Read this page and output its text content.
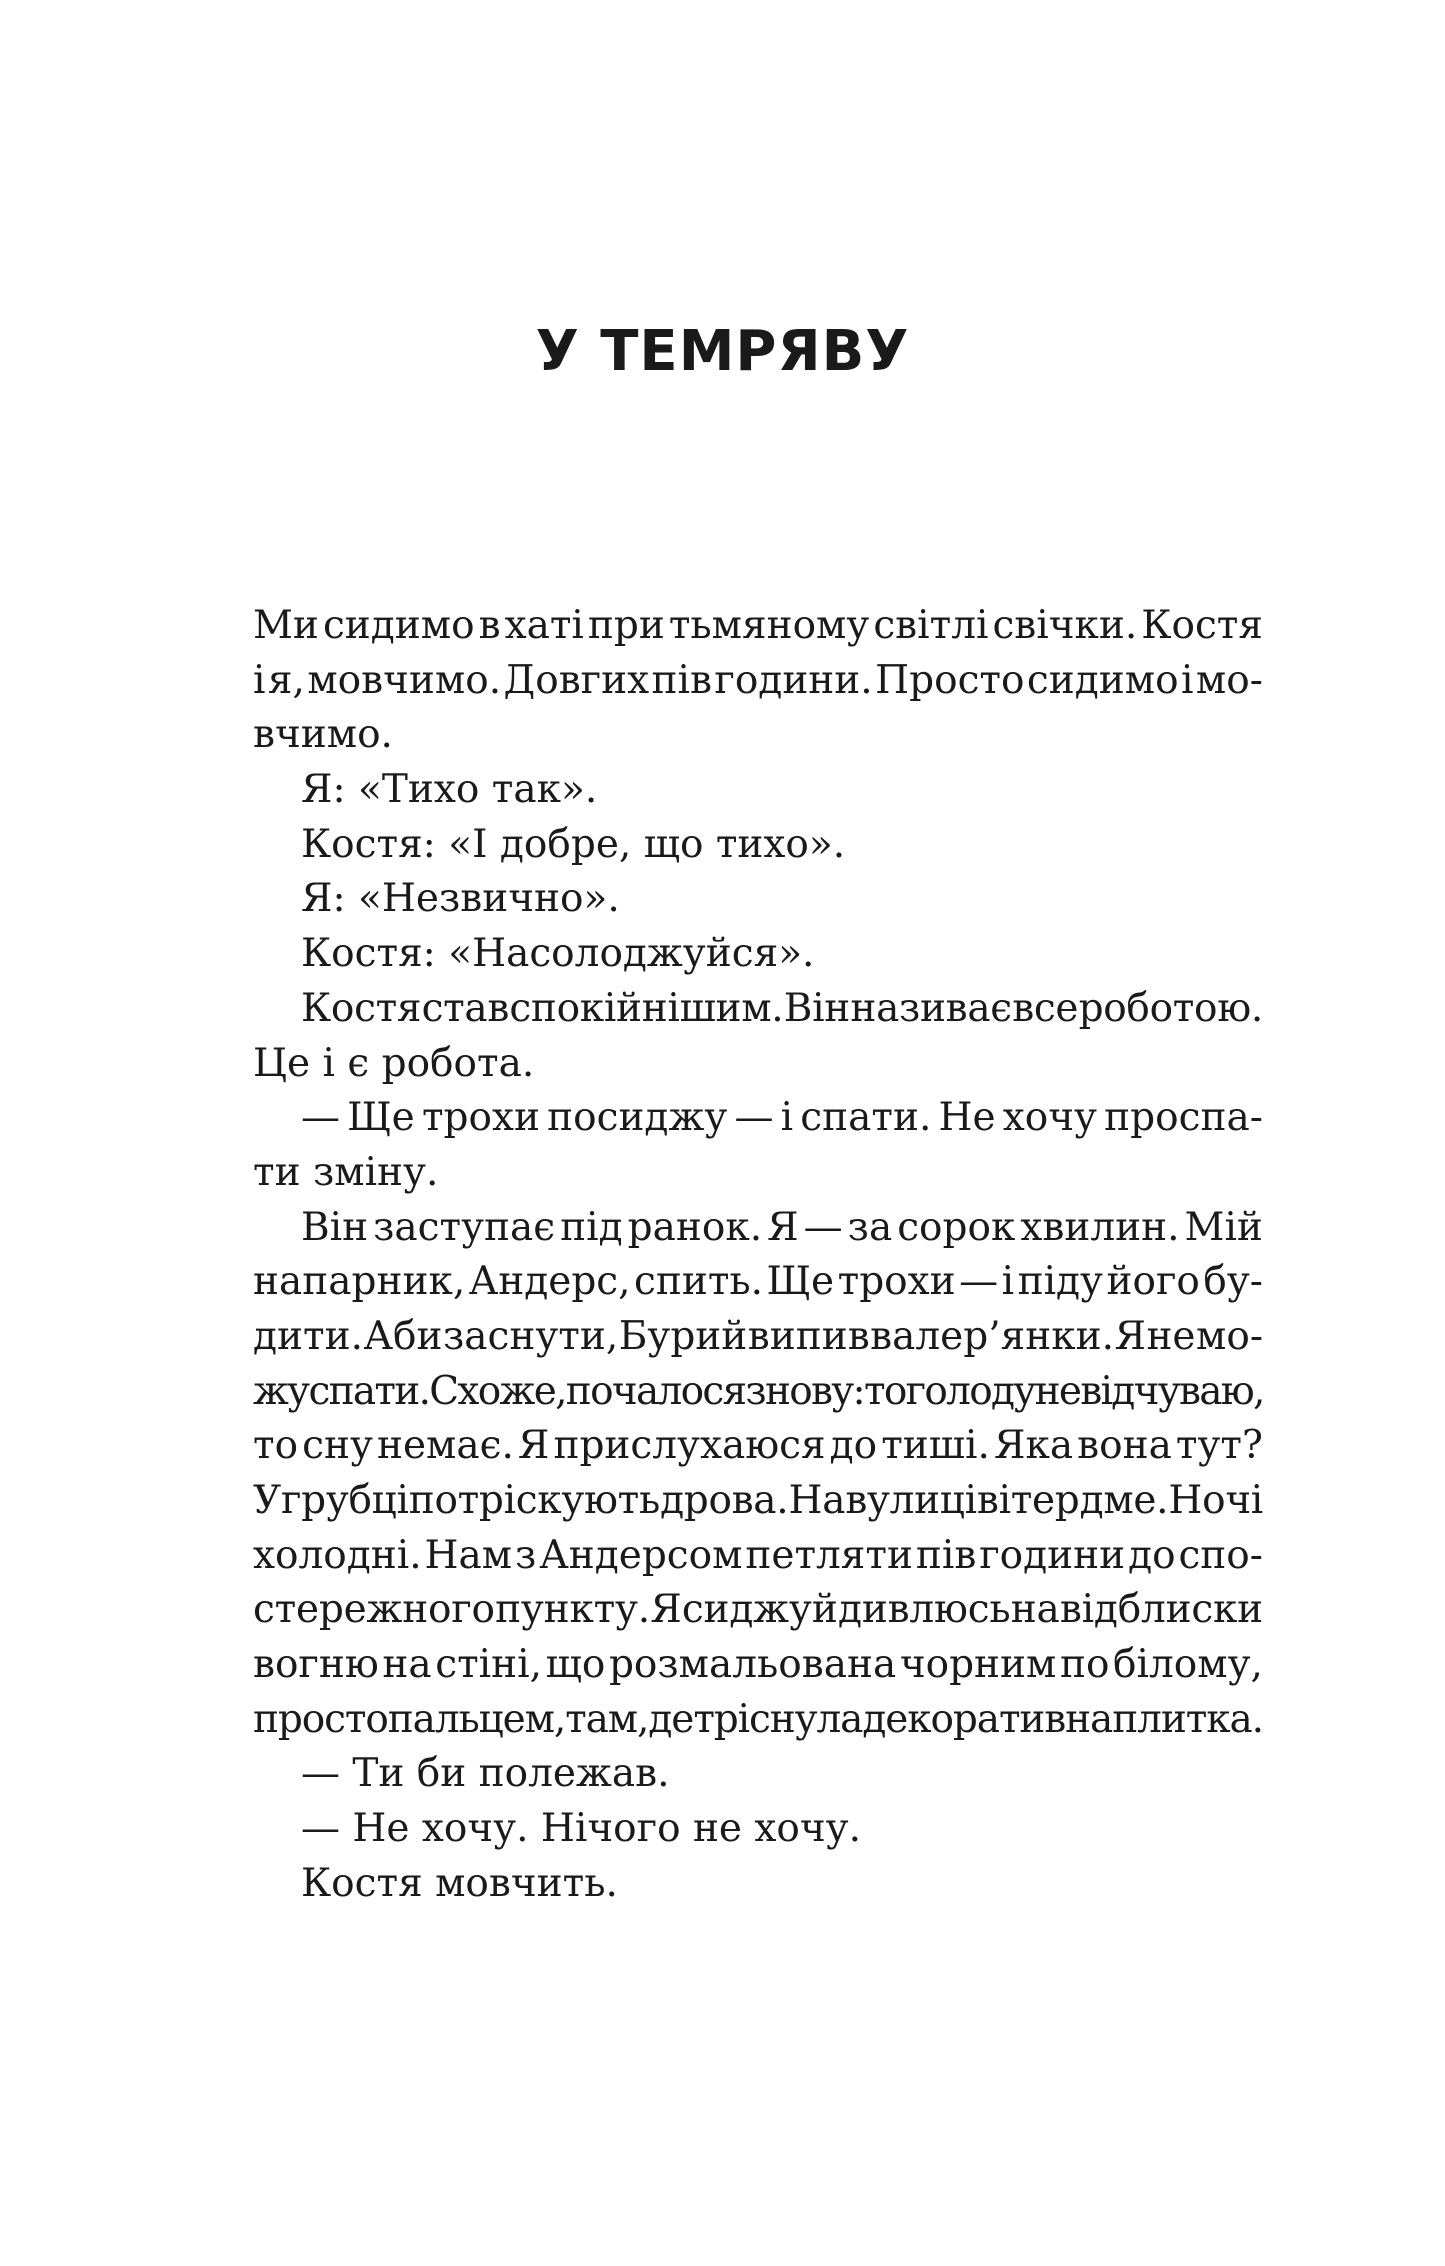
У ТЕМРЯВУ
Ми сидимо в хаті при тьмяному світлі свічки. Костя
і я, мовчимо. Довгих пів години. Просто сидимо і мо-
вчимо.
Я: «Тихо так».
Костя: «І добре, що тихо».
Я: «Незвично».
Костя: «Насолоджуйся».
Костя став спокійнішим. Він називає все роботою.
Це і є робота.
— Ще трохи посиджу — і спати. Не хочу проспа-
ти зміну.
Він заступає під ранок. Я — за сорок хвилин. Мій
напарник, Андерс, спить. Ще трохи — і піду його бу-
дити. Аби заснути, Бурий випив валер’янки. Я не мо-
жу спати. Схоже, почалося знову: то голоду не відчуваю,
то сну немає. Я прислухаюся до тиші. Яка вона тут?
У грубці потріскують дрова. На вулиці вітер дме. Ночі
холодні. Нам з Андерсом петляти пів години до спо-
стережного пункту. Я сиджу й дивлюсь на відблиски
вогню на стіні, що розмальована чорним по білому,
просто пальцем, там, де тріснула декоративна плитка.
— Ти би полежав.
— Не хочу. Нічого не хочу.
Костя мовчить.
